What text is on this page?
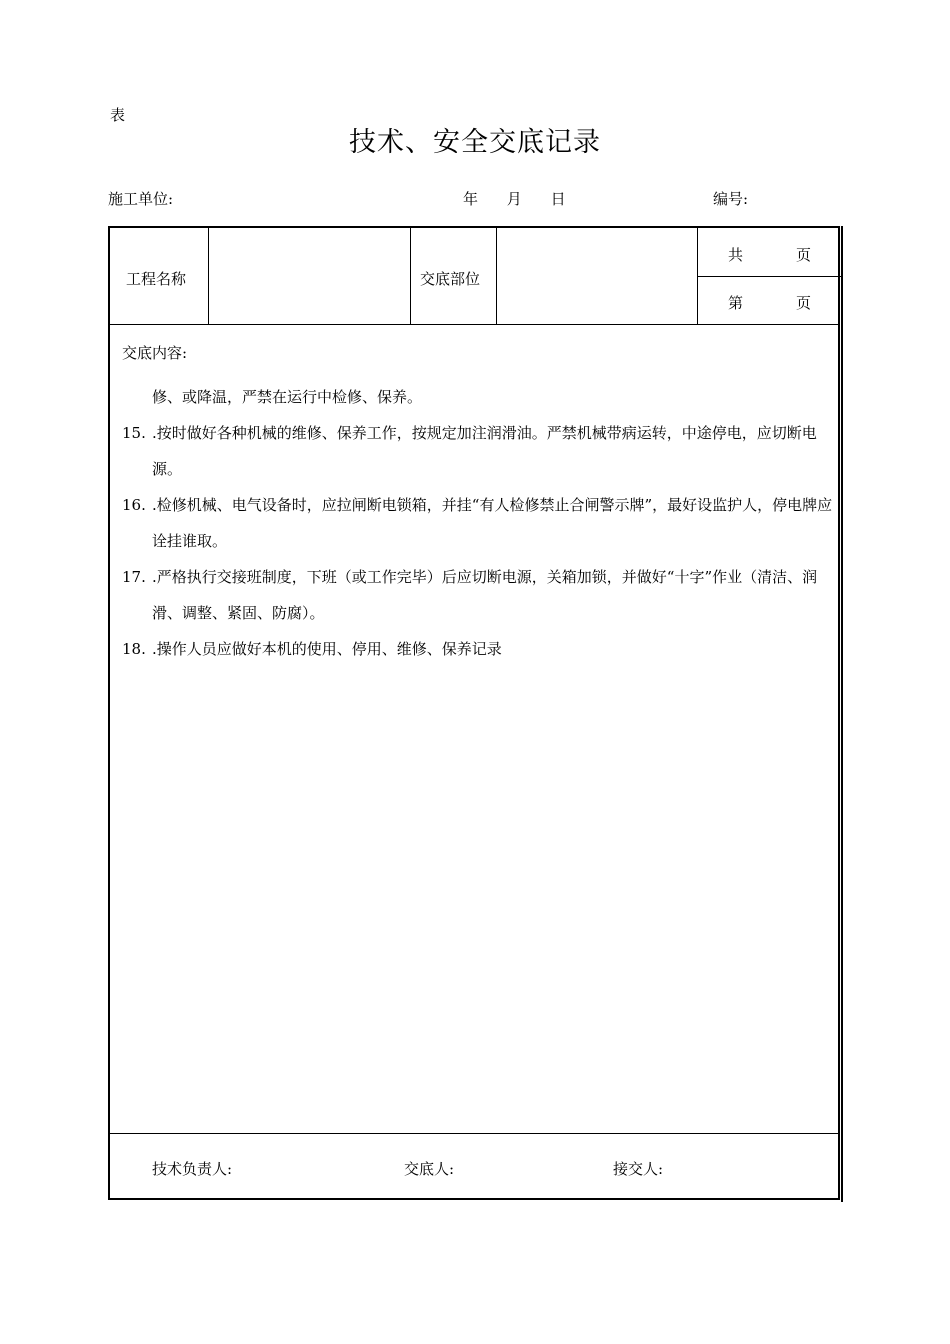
表
技术、安全交底记录
施工单位:	年 月 日	编号:
工程名称	交底部位
共	页
第	页
交底内容:
修、或降温，严禁在运行中检修、保养。
15. .按时做好各种机械的维修、保养工作，按规定加注润滑油。严禁机械带病运转，中途停电，应切断电源。
16. .检修机械、电气设备时，应拉闸断电锁箱，并挂“有人检修禁止合闸警示牌”，最好设监护人，停电牌应诠挂谁取。
17. .严格执行交接班制度，下班（或工作完毕）后应切断电源，关箱加锁，并做好“十字”作业（清洁、润滑、调整、紧固、防腐）。
18. .操作人员应做好本机的使用、停用、维修、保养记录
技术负责人:	交底人:	接交人:
